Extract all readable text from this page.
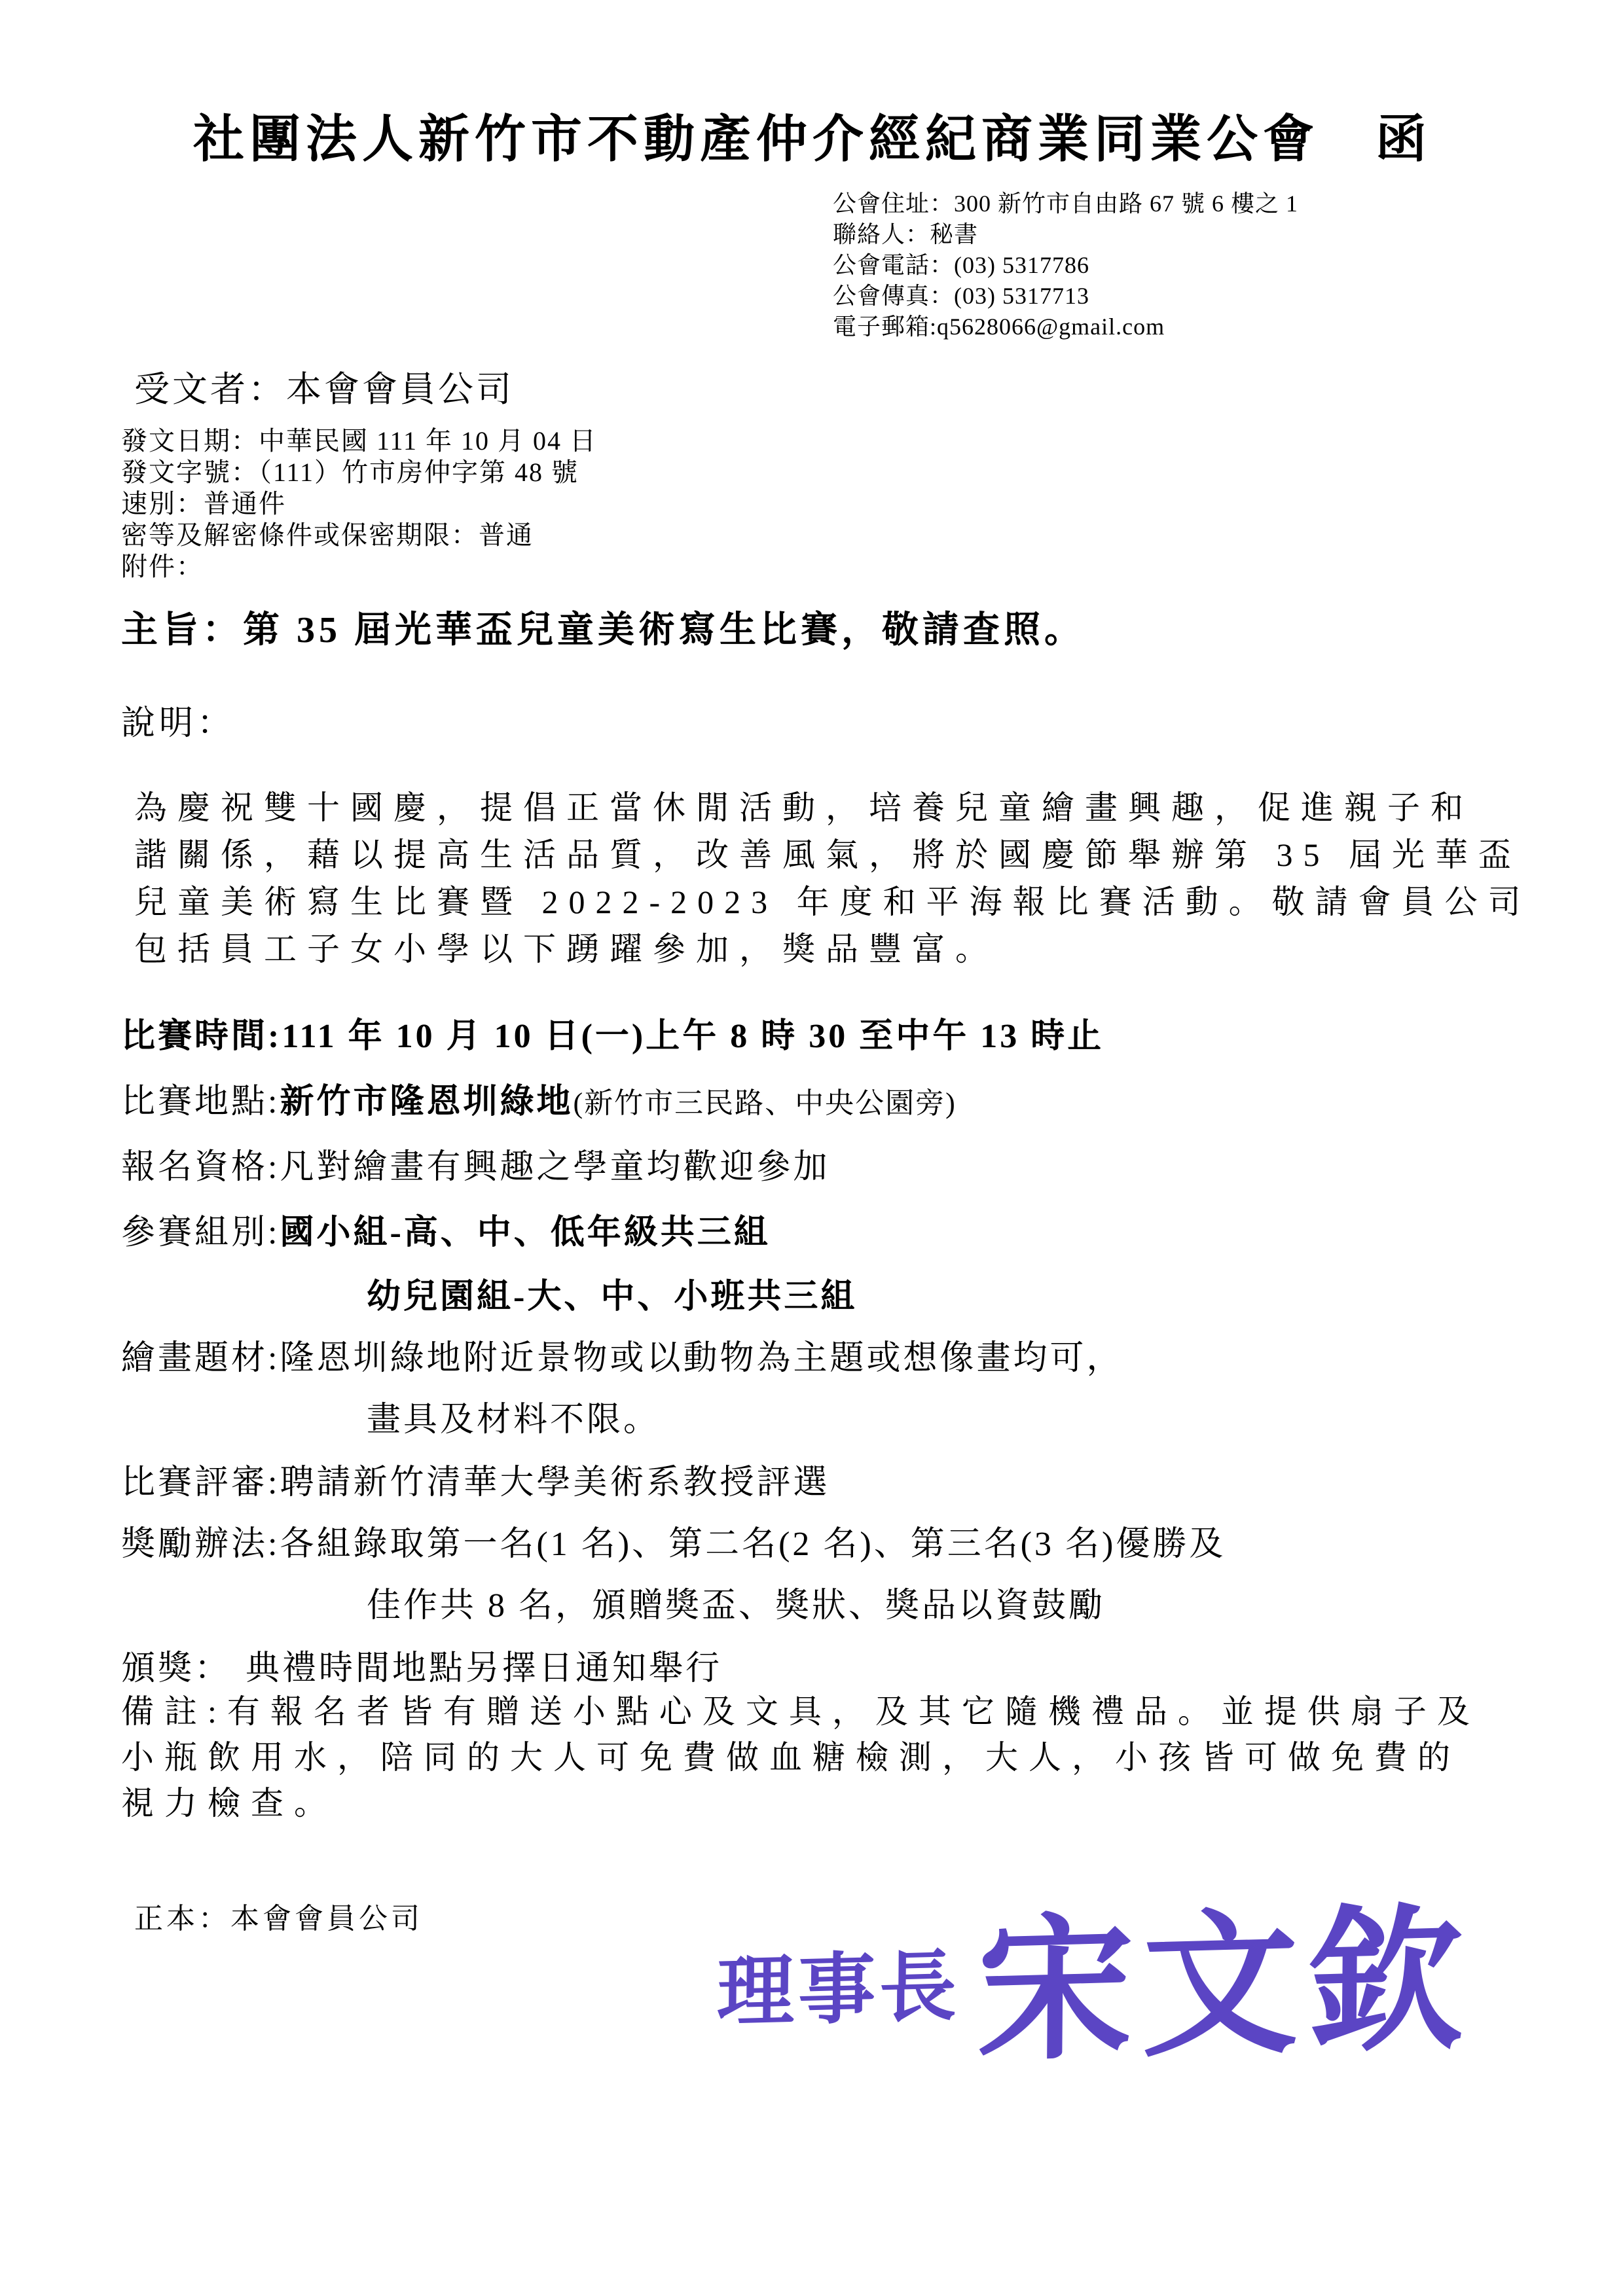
社團法人新竹市不動產仲介經紀商業同業公會　函
公會住址：300 新竹市自由路 67 號 6 樓之 1
聯絡人：秘書
公會電話：(03) 5317786
公會傳真：(03) 5317713
電子郵箱:q5628066@gmail.com
受文者：本會會員公司
發文日期：中華民國 111 年 10 月 04 日
發文字號：（111）竹市房仲字第 48 號
速別：普通件
密等及解密條件或保密期限：普通
附件：
主旨：第 35 屆光華盃兒童美術寫生比賽，敬請查照。
說明：
為慶祝雙十國慶，提倡正當休閒活動，培養兒童繪畫興趣，促進親子和
諧關係，藉以提高生活品質，改善風氣，將於國慶節舉辦第 35 屆光華盃
兒童美術寫生比賽暨 2022-2023 年度和平海報比賽活動。敬請會員公司
包括員工子女小學以下踴躍參加，獎品豐富。
比賽時間:111 年 10 月 10 日(一)上午 8 時 30 至中午 13 時止
比賽地點:新竹市隆恩圳綠地(新竹市三民路、中央公園旁)
報名資格:凡對繪畫有興趣之學童均歡迎參加
參賽組別:國小組-高、中、低年級共三組
幼兒園組-大、中、小班共三組
繪畫題材:隆恩圳綠地附近景物或以動物為主題或想像畫均可，
畫具及材料不限。
比賽評審:聘請新竹清華大學美術系教授評選
獎勵辦法:各組錄取第一名(1 名)、第二名(2 名)、第三名(3 名)優勝及
佳作共 8 名，頒贈獎盃、獎狀、獎品以資鼓勵
頒獎： 典禮時間地點另擇日通知舉行
備註:有報名者皆有贈送小點心及文具，及其它隨機禮品。並提供扇子及
小瓶飲用水，陪同的大人可免費做血糖檢測，大人，小孩皆可做免費的
視力檢查。
正本：本會會員公司
理事長 宋文欽
